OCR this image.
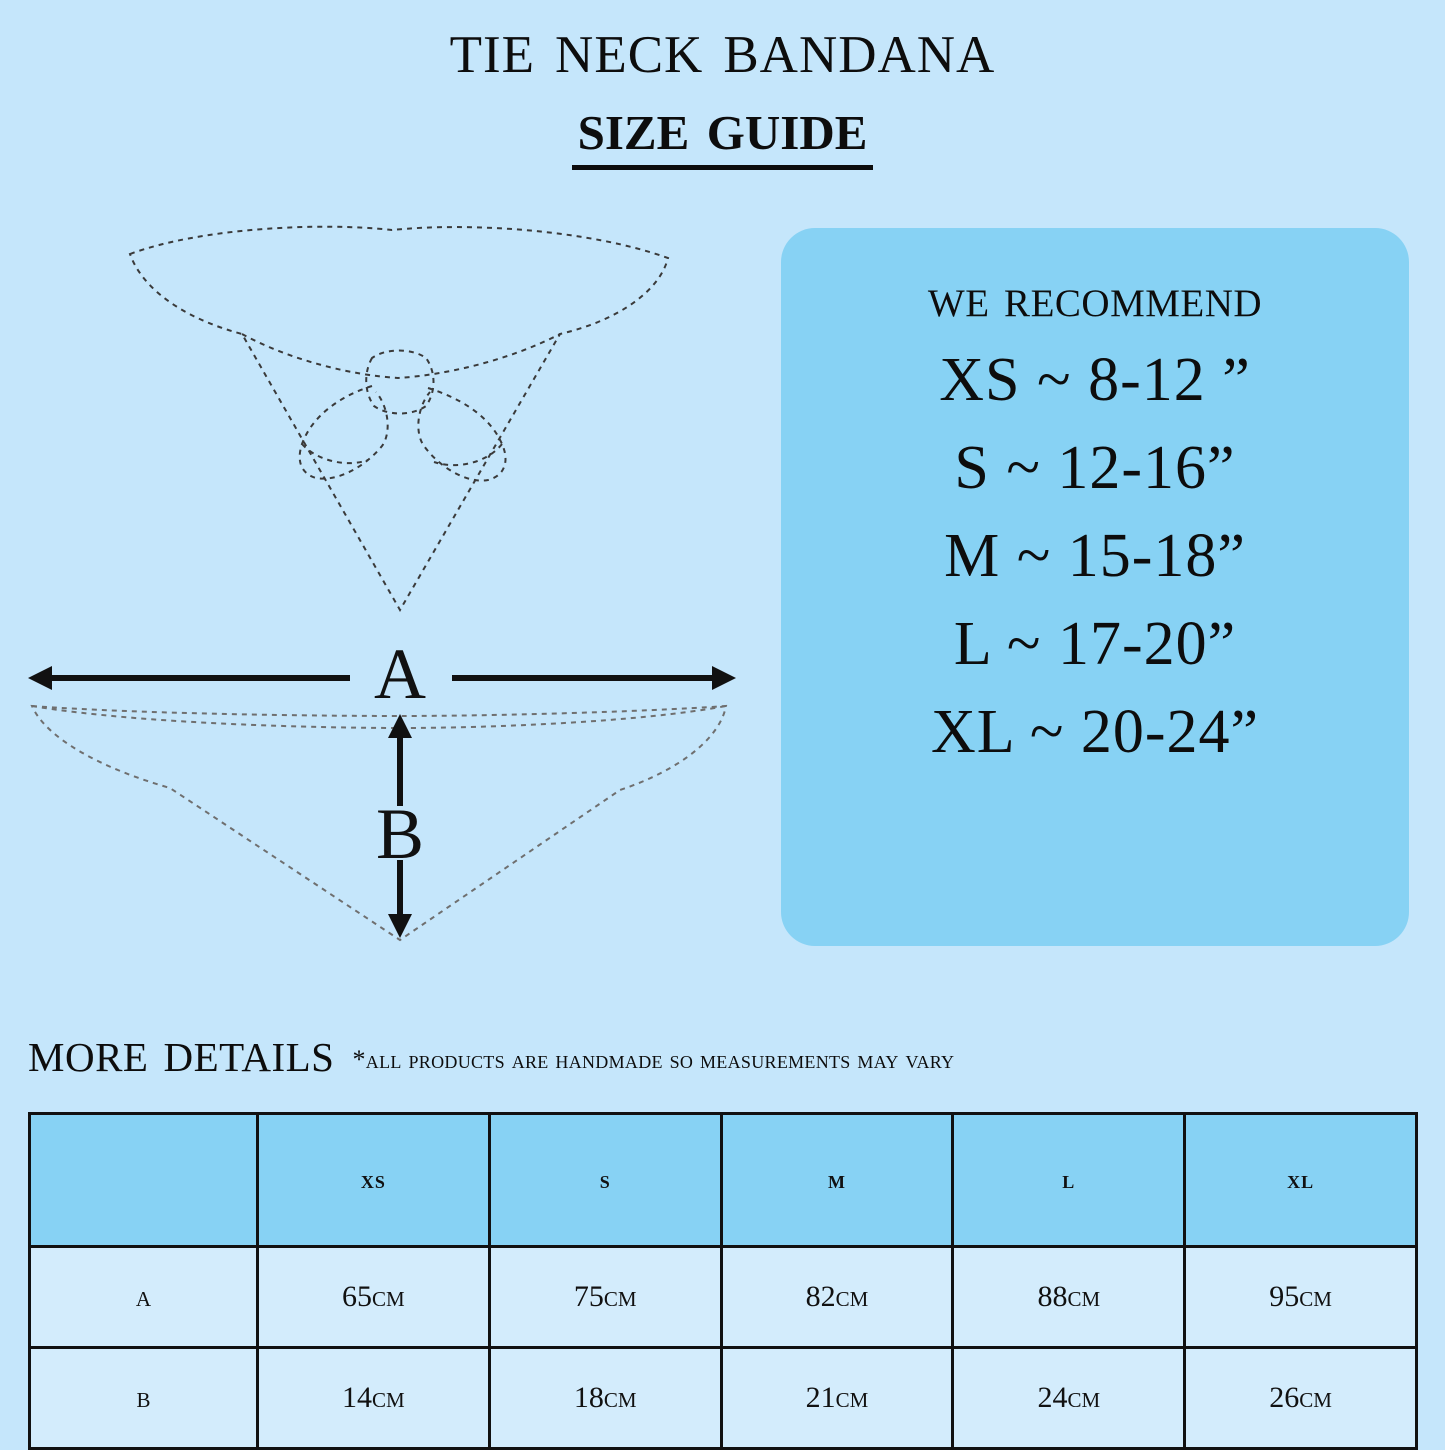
tie neck bandana
size guide
A
B
we recommend
XS ~ 8-12 ”
S ~ 12-16”
M ~ 15-18”
L ~ 17-20”
XL ~ 20-24”
more details *all products are handmade so measurements may vary
	xs	s	m	l	xl
a	65cm	75cm	82cm	88cm	95cm
b	14cm	18cm	21cm	24cm	26cm
